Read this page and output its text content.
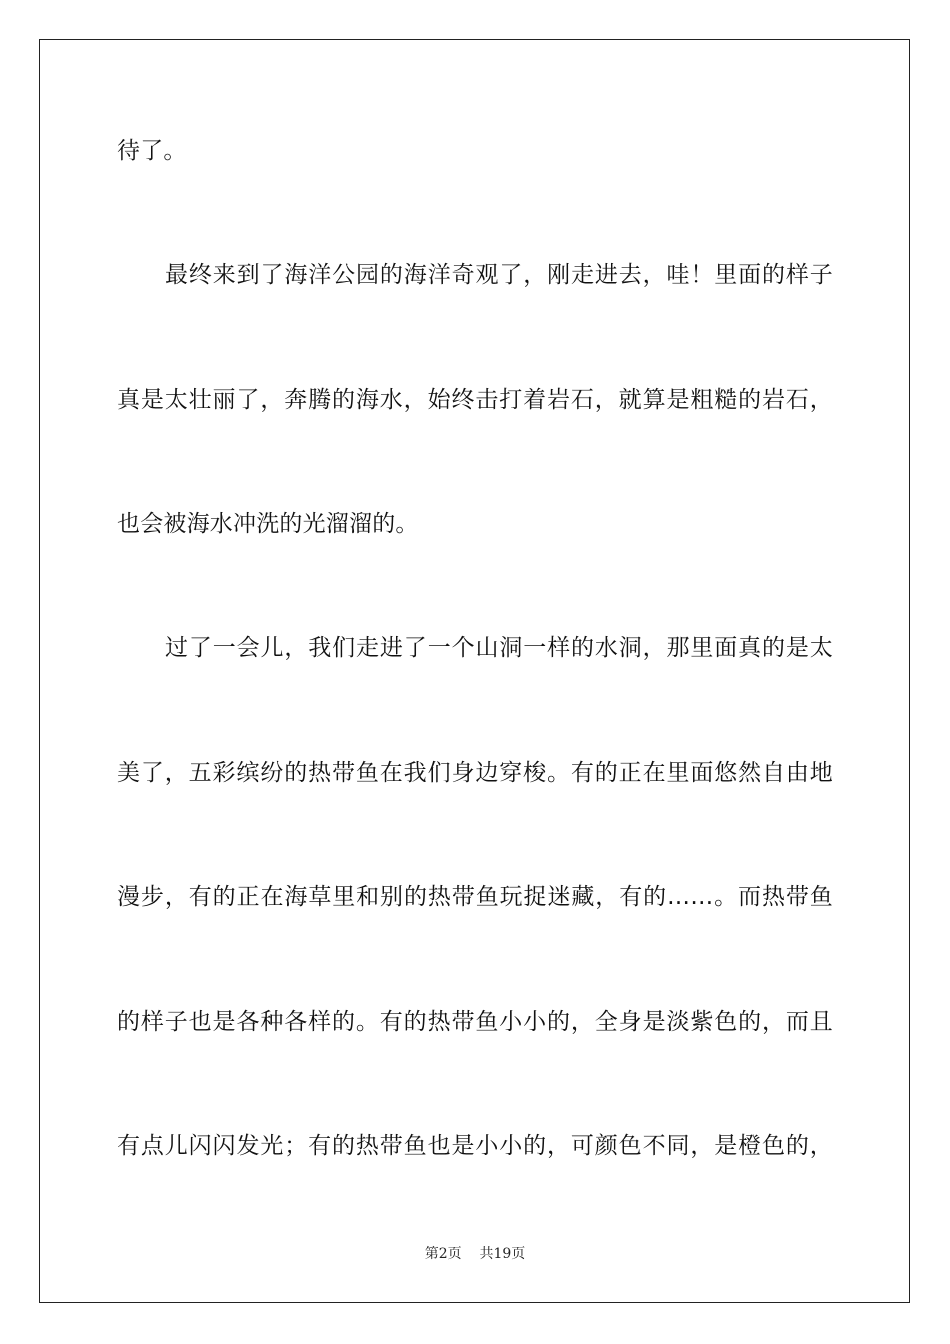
待了。
最终来到了海洋公园的海洋奇观了，刚走进去，哇！里面的样子
真是太壮丽了，奔腾的海水，始终击打着岩石，就算是粗糙的岩石，
也会被海水冲洗的光溜溜的。
过了一会儿，我们走进了一个山洞一样的水洞，那里面真的是太
美了，五彩缤纷的热带鱼在我们身边穿梭。有的正在里面悠然自由地
漫步，有的正在海草里和别的热带鱼玩捉迷藏，有的……。而热带鱼
的样子也是各种各样的。有的热带鱼小小的，全身是淡紫色的，而且
有点儿闪闪发光；有的热带鱼也是小小的，可颜色不同，是橙色的，
第2页 共19页
